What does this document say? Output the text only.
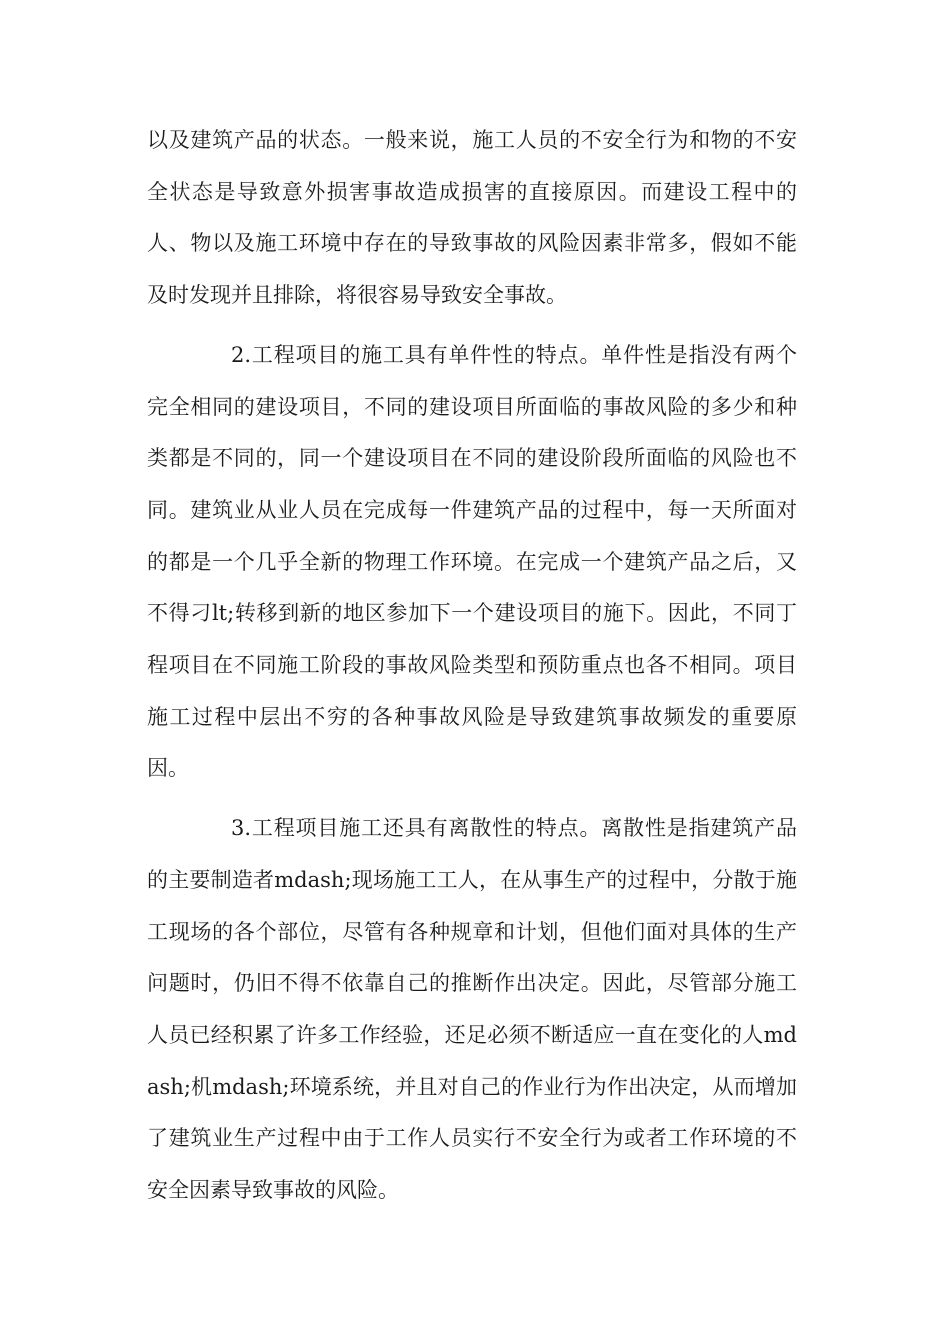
以及建筑产品的状态。一般来说，施工人员的不安全行为和物的不安全状态是导致意外损害事故造成损害的直接原因。而建设工程中的人、物以及施工环境中存在的导致事故的风险因素非常多，假如不能及时发现并且排除，将很容易导致安全事故。

2.工程项目的施工具有单件性的特点。单件性是指没有两个完全相同的建设项目，不同的建设项目所面临的事故风险的多少和种类都是不同的，同一个建设项目在不同的建设阶段所面临的风险也不同。建筑业从业人员在完成每一件建筑产品的过程中，每一天所面对的都是一个几乎全新的物理工作环境。在完成一个建筑产品之后，又不得刁lt;转移到新的地区参加下一个建设项目的施下。因此，不同丁程项目在不同施工阶段的事故风险类型和预防重点也各不相同。项目施工过程中层出不穷的各种事故风险是导致建筑事故频发的重要原因。

3.工程项目施工还具有离散性的特点。离散性是指建筑产品的主要制造者mdash;现场施工工人，在从事生产的过程中，分散于施工现场的各个部位，尽管有各种规章和计划，但他们面对具体的生产问题时，仍旧不得不依靠自己的推断作出决定。因此，尽管部分施工人员已经积累了许多工作经验，还足必须不断适应一直在变化的人mdash;机mdash;环境系统，并且对自己的作业行为作出决定，从而增加了建筑业生产过程中由于工作人员实行不安全行为或者工作环境的不安全因素导致事故的风险。
